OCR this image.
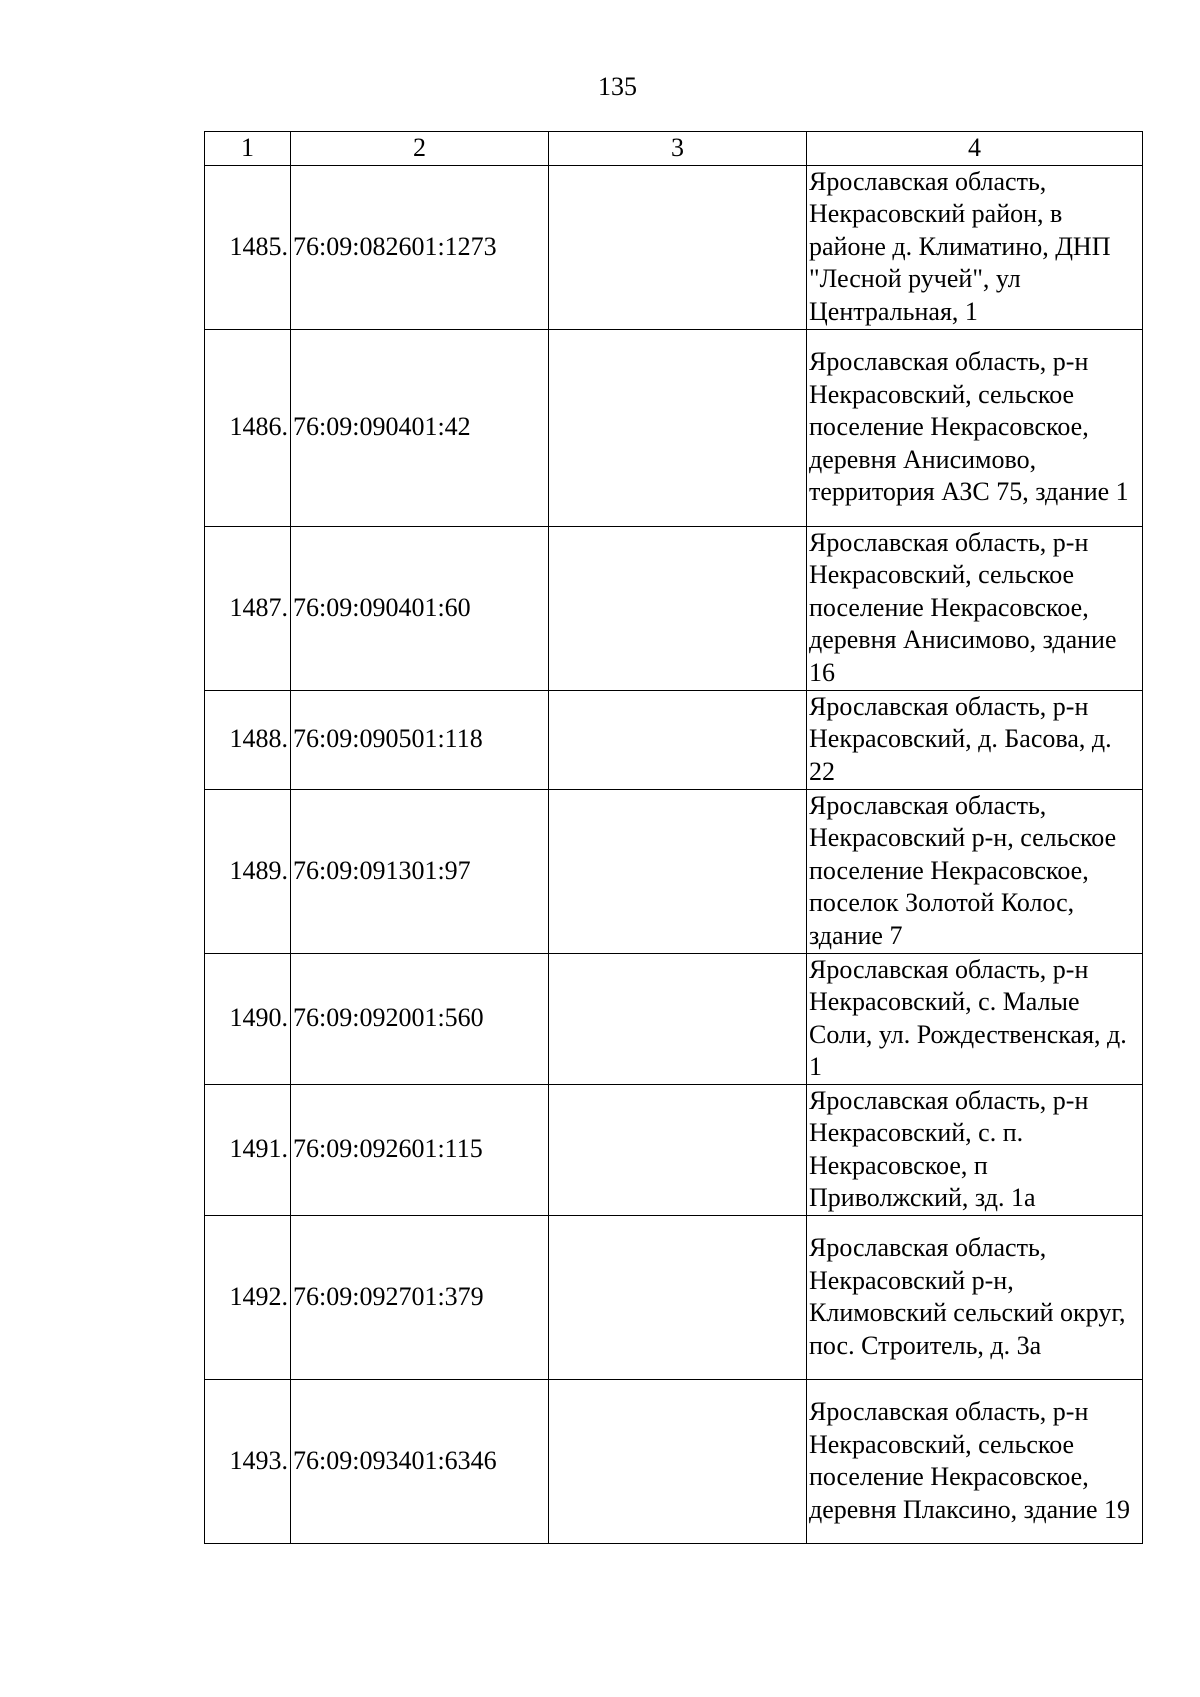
135
1	2	3	4
1485.	76:09:082601:1273		Ярославская область, Некрасовский район, в районе д. Климатино, ДНП "Лесной ручей", ул Центральная, 1
1486.	76:09:090401:42		Ярославская область, р-н Некрасовский, сельское поселение Некрасовское, деревня Анисимово, территория АЗС 75, здание 1
1487.	76:09:090401:60		Ярославская область, р-н Некрасовский, сельское поселение Некрасовское, деревня Анисимово, здание 16
1488.	76:09:090501:118		Ярославская область, р-н Некрасовский, д. Басова, д. 22
1489.	76:09:091301:97		Ярославская область, Некрасовский р-н, сельское поселение Некрасовское, поселок Золотой Колос, здание 7
1490.	76:09:092001:560		Ярославская область, р-н Некрасовский, с. Малые Соли, ул. Рождественская, д. 1
1491.	76:09:092601:115		Ярославская область, р-н Некрасовский, с. п. Некрасовское, п Приволжский, зд. 1а
1492.	76:09:092701:379		Ярославская область, Некрасовский р-н, Климовский сельский округ, пос. Строитель, д. 3а
1493.	76:09:093401:6346		Ярославская область, р-н Некрасовский, сельское поселение Некрасовское, деревня Плаксино, здание 19
